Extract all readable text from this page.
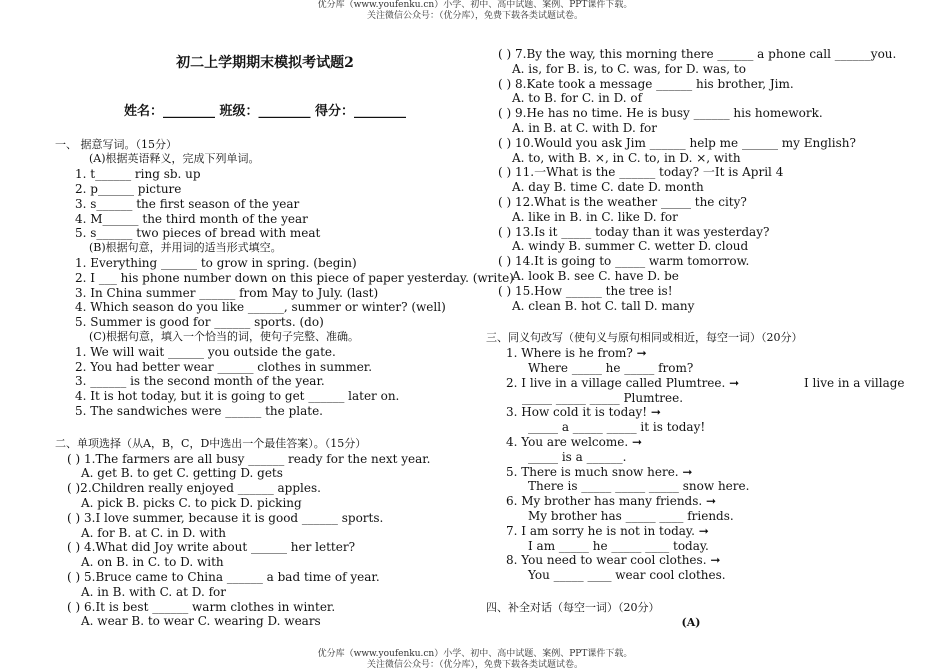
优分库（www.youfenku.cn）小学、初中、高中试题、案例、PPT课件下载。
关注微信公众号：（优分库），免费下载各类试题试卷。
初二上学期期末模拟考试题2
姓名：________ 班级：________ 得分：________
一、 据意写词。（15分）
(A)根据英语释义，完成下列单词。
1. t______ ring sb. up
2. p______ picture
3. s______ the first season of the year
4. M______ the third month of the year
5. s______ two pieces of bread with meat
(B)根据句意，并用词的适当形式填空。
1. Everything ______ to grow in spring. (begin)
2. I ___ his phone number down on this piece of paper yesterday. (write)
3. In China summer ______ from May to July. (last)
4. Which season do you like ______, summer or winter? (well)
5. Summer is good for ______ sports. (do)
(C)根据句意，填入一个恰当的词，使句子完整、准确。
1. We will wait ______ you outside the gate.
2. You had better wear ______ clothes in summer.
3. ______ is the second month of the year.
4. It is hot today, but it is going to get ______ later on.
5. The sandwiches were ______ the plate.
二、单项选择（从A，B，C，D中选出一个最佳答案）。（15分）
( ) 1.The farmers are all busy ______ ready for the next year.
A. get B. to get C. getting D. gets
( )2.Children really enjoyed ______ apples.
A. pick B. picks C. to pick D. picking
( ) 3.I love summer, because it is good ______ sports.
A. for B. at C. in D. with
( ) 4.What did Joy write about ______ her letter?
A. on B. in C. to D. with
( ) 5.Bruce came to China ______ a bad time of year.
A. in B. with C. at D. for
( ) 6.It is best ______ warm clothes in winter.
A. wear B. to wear C. wearing D. wears
( ) 7.By the way, this morning there ______ a phone call ______you.
A. is, for B. is, to C. was, for D. was, to
( ) 8.Kate took a message ______ his brother, Jim.
A. to B. for C. in D. of
( ) 9.He has no time. He is busy ______ his homework.
A. in B. at C. with D. for
( ) 10.Would you ask Jim ______ help me ______ my English?
A. to, with B. ×, in C. to, in D. ×, with
( ) 11.一What is the ______ today? 一It is April 4
A. day B. time C. date D. month
( ) 12.What is the weather _____ the city?
A. like in B. in C. like D. for
( ) 13.Is it _____ today than it was yesterday?
A. windy B. summer C. wetter D. cloud
( ) 14.It is going to _____ warm tomorrow.
A. look B. see C. have D. be
( ) 15.How ______ the tree is!
A. clean B. hot C. tall D. many
三、同义句改写（使句义与原句相同或相近，每空一词）（20分）
1. Where is he from? ➞
Where _____ he _____ from?
2. I live in a village called Plumtree. ➞	I live in a village
_____ _____ _____ Plumtree.
3. How cold it is today! ➞
_____ a _____ _____ it is today!
4. You are welcome. ➞
_____ is a ______.
5. There is much snow here. ➞
There is _____ _____ _____ snow here.
6. My brother has many friends. ➞
My brother has _____ ____ friends.
7. I am sorry he is not in today. ➞
I am _____ he _____ ____ today.
8. You need to wear cool clothes. ➞
You _____ ____ wear cool clothes.
四、补全对话（每空一词）（20分）
(A)
优分库（www.youfenku.cn）小学、初中、高中试题、案例、PPT课件下载。
关注微信公众号：（优分库），免费下载各类试题试卷。
